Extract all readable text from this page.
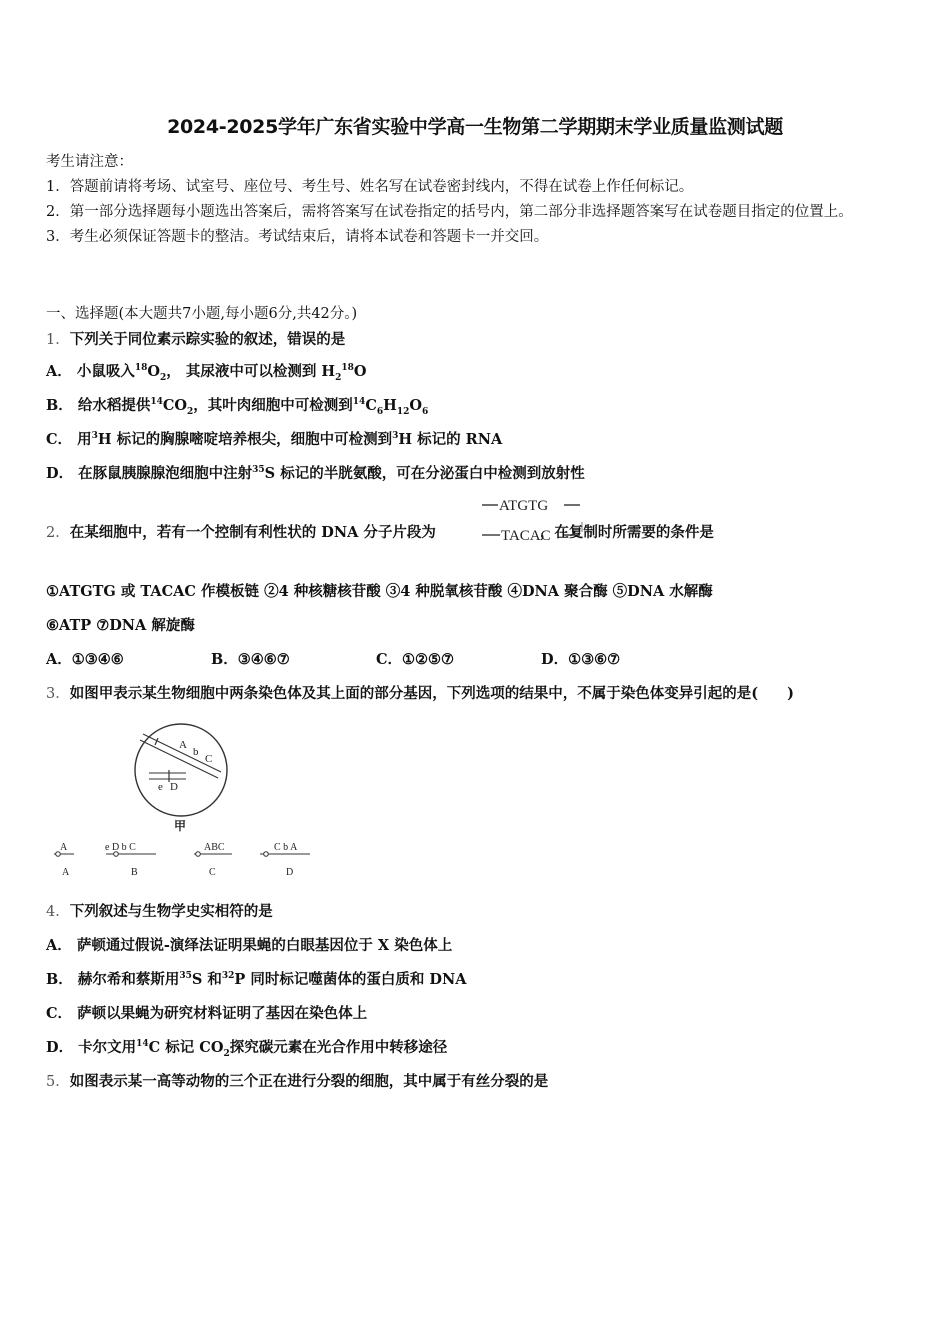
2024-2025学年广东省实验中学高一生物第二学期期末学业质量监测试题
考生请注意：
1．答题前请将考场、试室号、座位号、考生号、姓名写在试卷密封线内，不得在试卷上作任何标记。
2．第一部分选择题每小题选出答案后，需将答案写在试卷指定的括号内，第二部分非选择题答案写在试卷题目指定的位置上。
3．考生必须保证答题卡的整洁。考试结束后，请将本试卷和答题卡一并交回。
一、选择题(本大题共7小题,每小题6分,共42分。)
1．下列关于同位素示踪实验的叙述，错误的是
A． 小鼠吸入$^{18}O_2$， 其尿液中可以检测到 $H_2^{18}O$
B． 给水稻提供$^{14}CO_2$，其叶肉细胞中可检测到$^{14}C_6H_{12}O_6$
C． 用$^3$H 标记的胸腺嘧啶培养根尖，细胞中可检测到$^3$H 标记的 RNA
D． 在豚鼠胰腺腺泡细胞中注射$^{35}$S 标记的半胱氨酸，可在分泌蛋白中检测到放射性
2．在某细胞中，若有一个控制有利性状的 DNA 分子片段为	，在复制时所需要的条件是
ATGTG
TACAC
①ATGTG 或 TACAC 作模板链 ②4 种核糖核苷酸 ③4 种脱氧核苷酸 ④DNA 聚合酶 ⑤DNA 水解酶
⑥ATP ⑦DNA 解旋酶
A．①③④⑥	B．③④⑥⑦	C．①②⑤⑦	D．①③⑥⑦
3．如图甲表示某生物细胞中两条染色体及其上面的部分基因，下列选项的结果中，不属于染色体变异引起的是(　　)
A
b
C
e D
甲
A
A
e D b C
B
ABC
C
C b A
D
4．下列叙述与生物学史实相符的是
A． 萨顿通过假说-演绎法证明果蝇的白眼基因位于 X 染色体上
B． 赫尔希和蔡斯用$^{35}$S 和$^{32}$P 同时标记噬菌体的蛋白质和 DNA
C． 萨顿以果蝇为研究材料证明了基因在染色体上
D． 卡尔文用$^{14}$C 标记 $CO_2$探究碳元素在光合作用中转移途径
5．如图表示某一高等动物的三个正在进行分裂的细胞，其中属于有丝分裂的是
